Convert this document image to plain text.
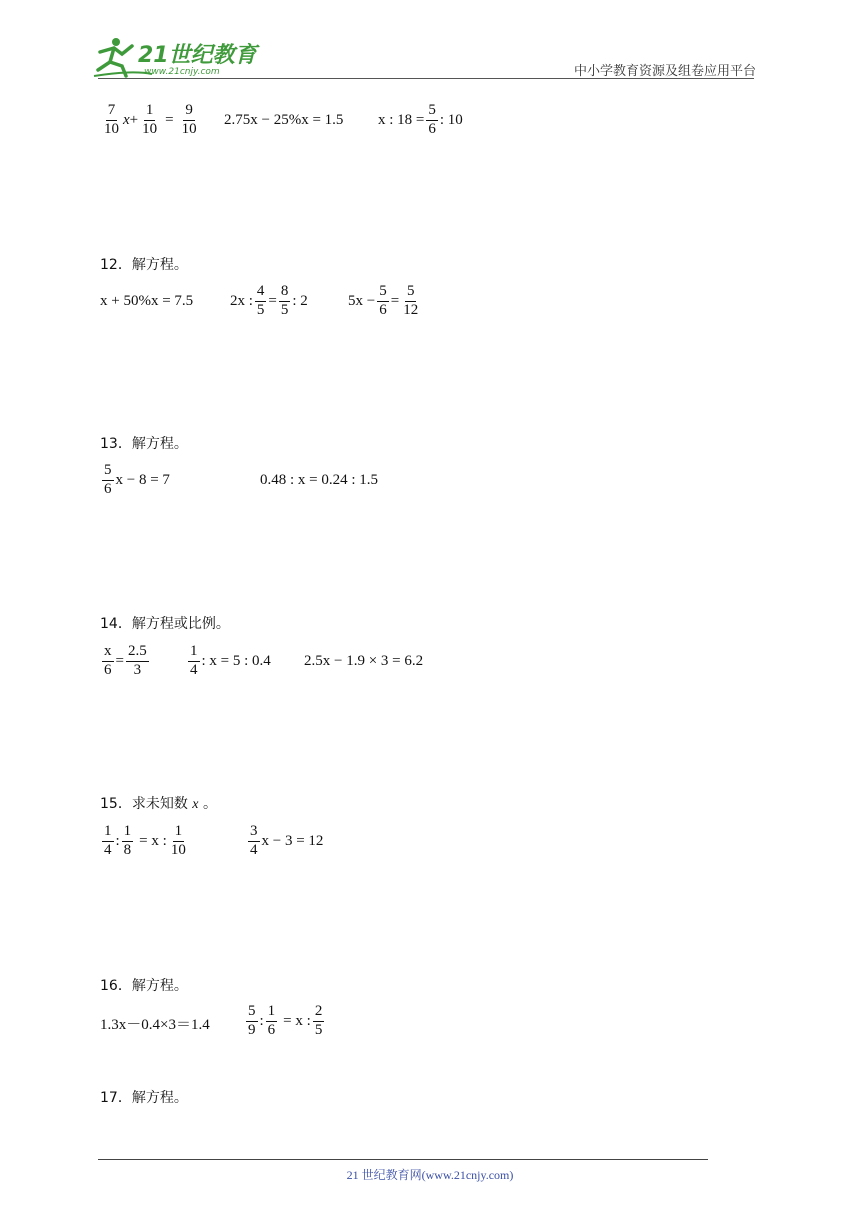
21世纪教育
www.21cnjy.com	中小学教育资源及组卷应用平台
$\frac{7}{10}$ $x + \frac{1}{10} = \frac{9}{10} 2.75x - 25\%x = 1.5$ x : $18 = \frac{5}{6}$ : 10
12．解方程。
x + 50%x = 7.5 2x : $\frac{4}{5} = \frac{8}{5}$ : 2	$5x - \frac{5}{6} = \frac{5}{12}$
13．解方程。
$\frac{5}{6}$ x − 8 = 7	0.48 : x = 0.24 : 1.5
14．解方程或比例。
$\frac{x}{6} = \frac{2.5}{3}$	$\frac{1}{4}$ : x = 5 : 0.4 2.5x − 1.9 × 3 = 6.2
15．求未知数 x 。
$\frac{1}{4}$ : $\frac{1}{8} = x$ : $\frac{1}{10}$	$\frac{3}{4}$ x − 3 = 12
16．解方程。
$1.3x-0.4\times 3=1.4 \frac{5}{9}$ : $\frac{1}{6} = x$ : $\frac{2}{5}$
17．解方程。
21 世纪教育网(www.21cnjy.com)
